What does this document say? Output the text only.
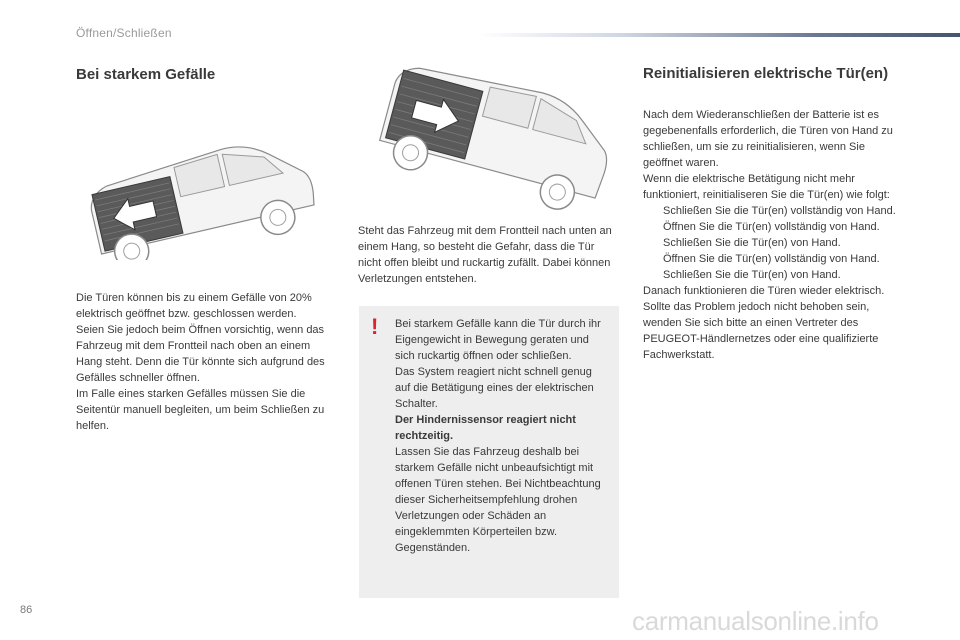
Öffnen/Schließen
Bei starkem Gefälle

Die Türen können bis zu einem Gefälle von 20% elektrisch geöffnet bzw. geschlossen werden.

Seien Sie jedoch beim Öffnen vorsichtig, wenn das Fahrzeug mit dem Frontteil nach oben an einem Hang steht. Denn die Tür könnte sich aufgrund des Gefälles schneller öffnen.

Im Falle eines starken Gefälles müssen Sie die Seitentür manuell begleiten, um beim Schließen zu helfen.

Steht das Fahrzeug mit dem Frontteil nach unten an einem Hang, so besteht die Gefahr, dass die Tür nicht offen bleibt und ruckartig zufällt. Dabei können Verletzungen entstehen.
! Bei starkem Gefälle kann die Tür durch ihr Eigengewicht in Bewegung geraten und sich ruckartig öffnen oder schließen.

Das System reagiert nicht schnell genug auf die Betätigung eines der elektrischen Schalter.

Der Hindernissensor reagiert nicht rechtzeitig.

Lassen Sie das Fahrzeug deshalb bei starkem Gefälle nicht unbeaufsichtigt mit offenen Türen stehen. Bei Nichtbeachtung dieser Sicherheitsempfehlung drohen Verletzungen oder Schäden an eingeklemmten Körperteilen bzw. Gegenständen.

Reinitialisieren elektrische Tür(en)

Nach dem Wiederanschließen der Batterie ist es gegebenenfalls erforderlich, die Türen von Hand zu schließen, um sie zu reinitialisieren, wenn Sie geöffnet waren.

Wenn die elektrische Betätigung nicht mehr funktioniert, reinitialiseren Sie die Tür(en) wie folgt:

Schließen Sie die Tür(en) vollständig von Hand.
Öffnen Sie die Tür(en) vollständig von Hand.
Schließen Sie die Tür(en) von Hand.
Öffnen Sie die Tür(en) vollständig von Hand.
Schließen Sie die Tür(en) von Hand.

Danach funktionieren die Türen wieder elektrisch.

Sollte das Problem jedoch nicht behoben sein, wenden Sie sich bitte an einen Vertreter des PEUGEOT-Händlernetzes oder eine qualifizierte Fachwerkstatt.

86	carmanualsonline.info
